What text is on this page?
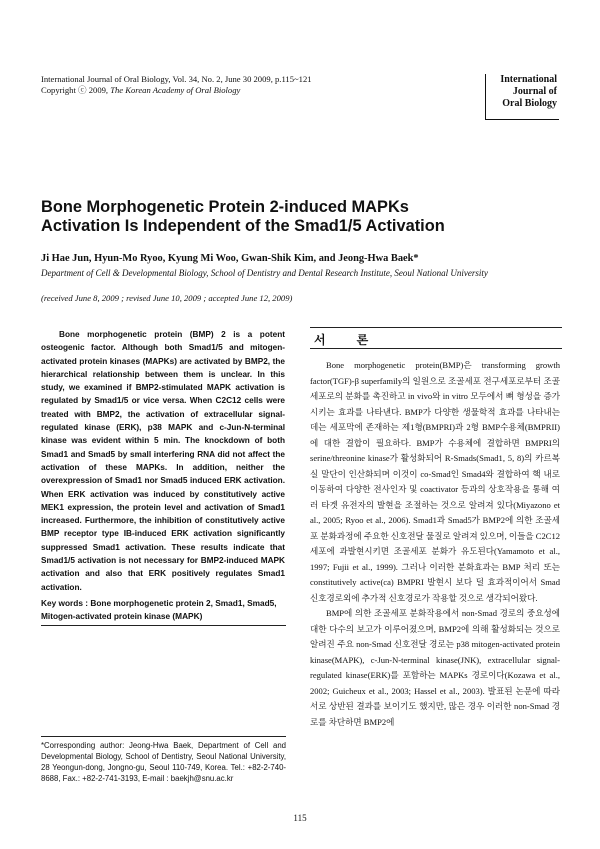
International Journal of Oral Biology, Vol. 34, No. 2, June 30 2009, p.115~121
Copyright ⓒ 2009, The Korean Academy of Oral Biology
International
Journal of
Oral Biology
Bone Morphogenetic Protein 2-induced MAPKs Activation Is Independent of the Smad1/5 Activation
Ji Hae Jun, Hyun-Mo Ryoo, Kyung Mi Woo, Gwan-Shik Kim, and Jeong-Hwa Baek*
Department of Cell & Developmental Biology, School of Dentistry and Dental Research Institute, Seoul National University
(received June 8, 2009 ; revised June 10, 2009 ; accepted June 12, 2009)

Bone morphogenetic protein (BMP) 2 is a potent osteogenic factor. Although both Smad1/5 and mitogen-activated protein kinases (MAPKs) are activated by BMP2, the hierarchical relationship between them is unclear. In this study, we examined if BMP2-stimulated MAPK activation is regulated by Smad1/5 or vice versa. When C2C12 cells were treated with BMP2, the activation of extracellular signal-regulated kinase (ERK), p38 MAPK and c-Jun-N-terminal kinase was evident within 5 min. The knockdown of both Smad1 and Smad5 by small interfering RNA did not affect the activation of these MAPKs. In addition, neither the overexpression of Smad1 nor Smad5 induced ERK activation. When ERK activation was induced by constitutively active MEK1 expression, the protein level and activation of Smad1 increased. Furthermore, the inhibition of constitutively active BMP receptor type IB-induced ERK activation significantly suppressed Smad1 activation. These results indicate that Smad1/5 activation is not necessary for BMP2-induced MAPK activation and also that ERK positively regulates Smad1 activation.

Key words : Bone morphogenetic protein 2, Smad1, Smad5, Mitogen-activated protein kinase (MAPK)
*Corresponding author: Jeong-Hwa Baek, Department of Cell and Developmental Biology, School of Dentistry, Seoul National University, 28 Yeongun-dong, Jongno-gu, Seoul 110-749, Korea. Tel.: +82-2-740-8688, Fax.: +82-2-741-3193, E-mail : baekjh@snu.ac.kr
서 론

Bone morphogenetic protein(BMP)은 transforming growth factor(TGF)-β superfamily의 일원으로 조골세포 전구세포로부터 조골세포로의 분화를 촉진하고 in vivo와 in vitro 모두에서 뼈 형성을 증가시키는 효과를 나타낸다. BMP가 다양한 생물학적 효과를 나타내는 데는 세포막에 존재하는 제1형(BMPRI)과 2형 BMP수용체(BMPRII)에 대한 결합이 필요하다. BMP가 수용체에 결합하면 BMPRI의 serine/threonine kinase가 활성화되어 R-Smads(Smad1, 5, 8)의 카르복실 말단이 인산화되며 이것이 co-Smad인 Smad4와 결합하여 핵 내로 이동하여 다양한 전사인자 및 coactivator 등과의 상호작용을 통해 여러 타겟 유전자의 발현을 조절하는 것으로 알려져 있다(Miyazono et al., 2005; Ryoo et al., 2006). Smad1과 Smad5가 BMP2에 의한 조골세포 분화과정에 주요한 신호전달 물질로 알려져 있으며, 이들을 C2C12세포에 과발현시키면 조골세포 분화가 유도된다(Yamamoto et al., 1997; Fujii et al., 1999). 그러나 이러한 분화효과는 BMP 처리 또는 constitutively active(ca) BMPRI 발현시 보다 덜 효과적이어서 Smad 신호경로외에 추가적 신호경로가 작용할 것으로 생각되어왔다.

BMP에 의한 조골세포 분화작용에서 non-Smad 경로의 중요성에 대한 다수의 보고가 이루어졌으며, BMP2에 의해 활성화되는 것으로 알려진 주요 non-Smad 신호전달 경로는 p38 mitogen-activated protein kinase(MAPK), c-Jun-N-terminal kinase(JNK), extracellular signal-regulated kinase(ERK)를 포함하는 MAPKs 경로이다(Kozawa et al., 2002; Guicheux et al., 2003; Hassel et al., 2003). 발표된 논문에 따라 서로 상반된 결과를 보이기도 했지만, 많은 경우 이러한 non-Smad 경로를 차단하면 BMP2에

115
